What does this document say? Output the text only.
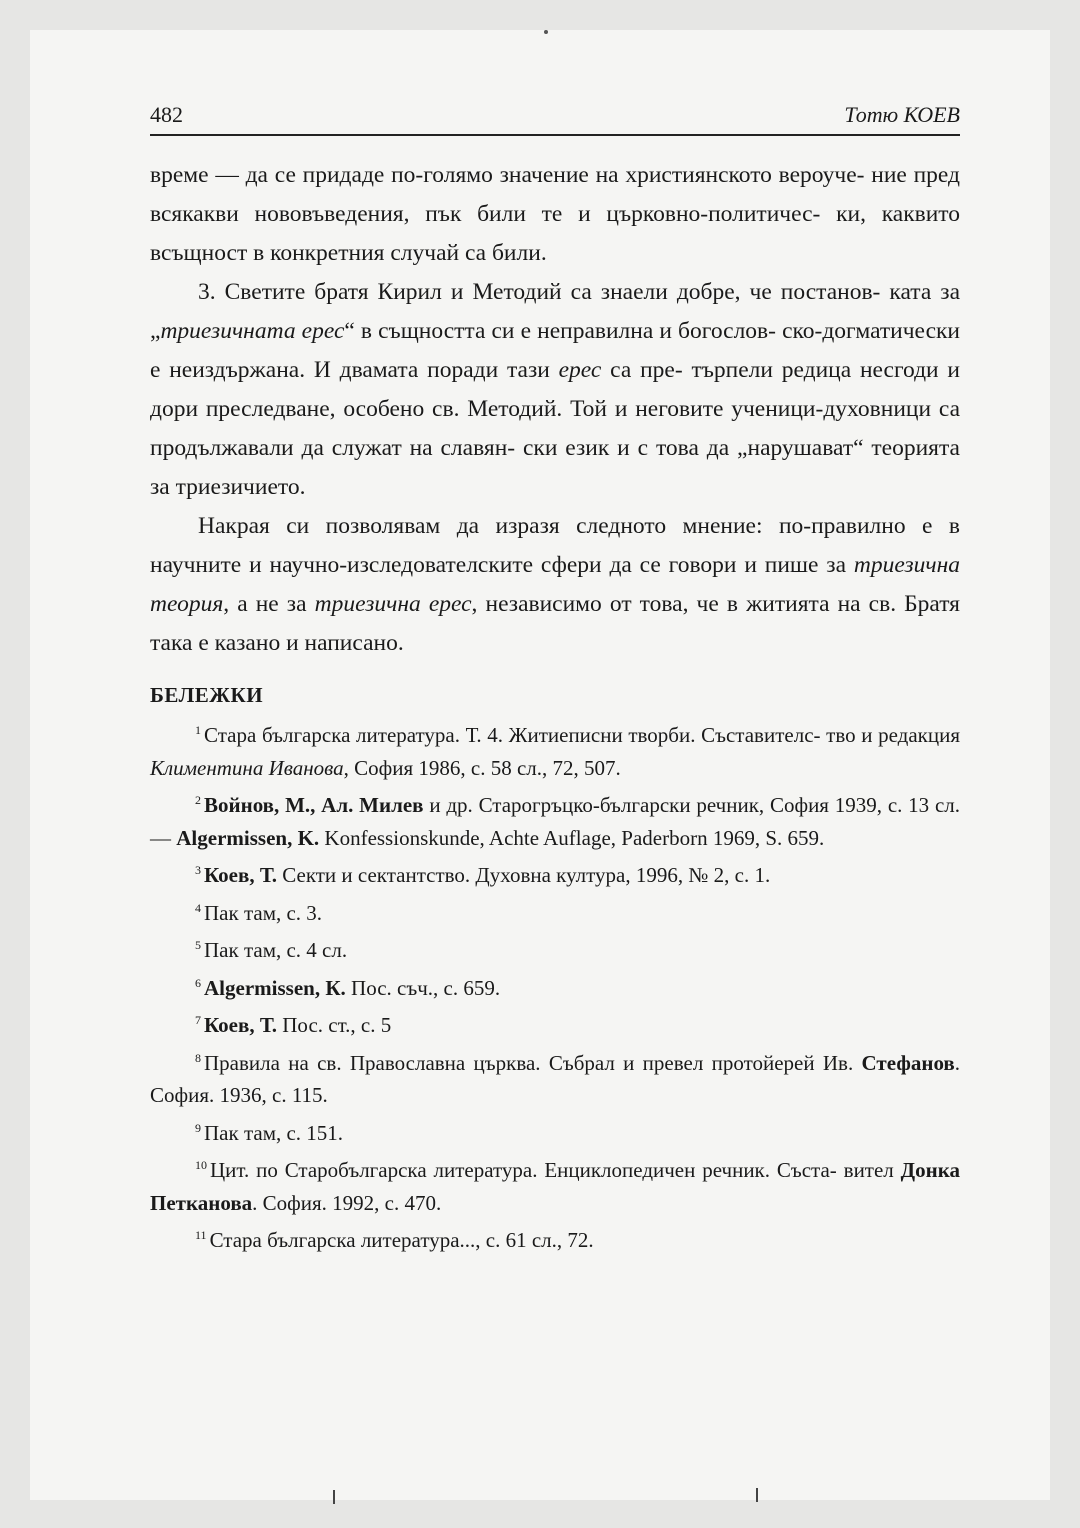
482	Тотю КОЕВ

време — да се придаде по-голямо значение на християнското вероуче- ние пред всякакви нововъведения, пък били те и църковно-политичес- ки, каквито всъщност в конкретния случай са били.

3. Светите братя Кирил и Методий са знаели добре, че постанов- ката за „триезичната ерес“ в същността си е неправилна и богослов- ско-догматически е неиздържана. И двамата поради тази ерес са пре- търпели редица несгоди и дори преследване, особено св. Методий. Той и неговите ученици-духовници са продължавали да служат на славян- ски език и с това да „нарушават“ теорията за триезичието.

Накрая си позволявам да изразя следното мнение: по-правилно е в научните и научно-изследователските сфери да се говори и пише за триезична теория, а не за триезична ерес, независимо от това, че в житията на св. Братя така е казано и написано.

БЕЛЕЖКИ

$^1$ Стара българска литература. Т. 4. Житиеписни творби. Съставителс- тво и редакция Климентина Иванова, София 1986, с. 58 сл., 72, 507.

$^2$ Войнов, М., Ал. Милев и др. Старогръцко-български речник, София 1939, с. 13 сл. — Algermissen, K. Konfessionskunde, Achte Auflage, Paderborn 1969, S. 659.

$^3$ Коев, Т. Секти и сектантство. Духовна култура, 1996, № 2, с. 1.

$^4$ Пак там, с. 3.

$^5$ Пак там, с. 4 сл.

$^6$ Algermissen, К. Пос. съч., с. 659.

$^7$ Коев, Т. Пос. ст., с. 5

$^8$ Правила на св. Православна църква. Събрал и превел протойерей Ив. Стефанов. София. 1936, с. 115.

$^9$ Пак там, с. 151.

$^{10}$ Цит. по Старобългарска литература. Енциклопедичен речник. Съста- вител Донка Петканова. София. 1992, с. 470.

$^{11}$ Стара българска литература..., с. 61 сл., 72.
